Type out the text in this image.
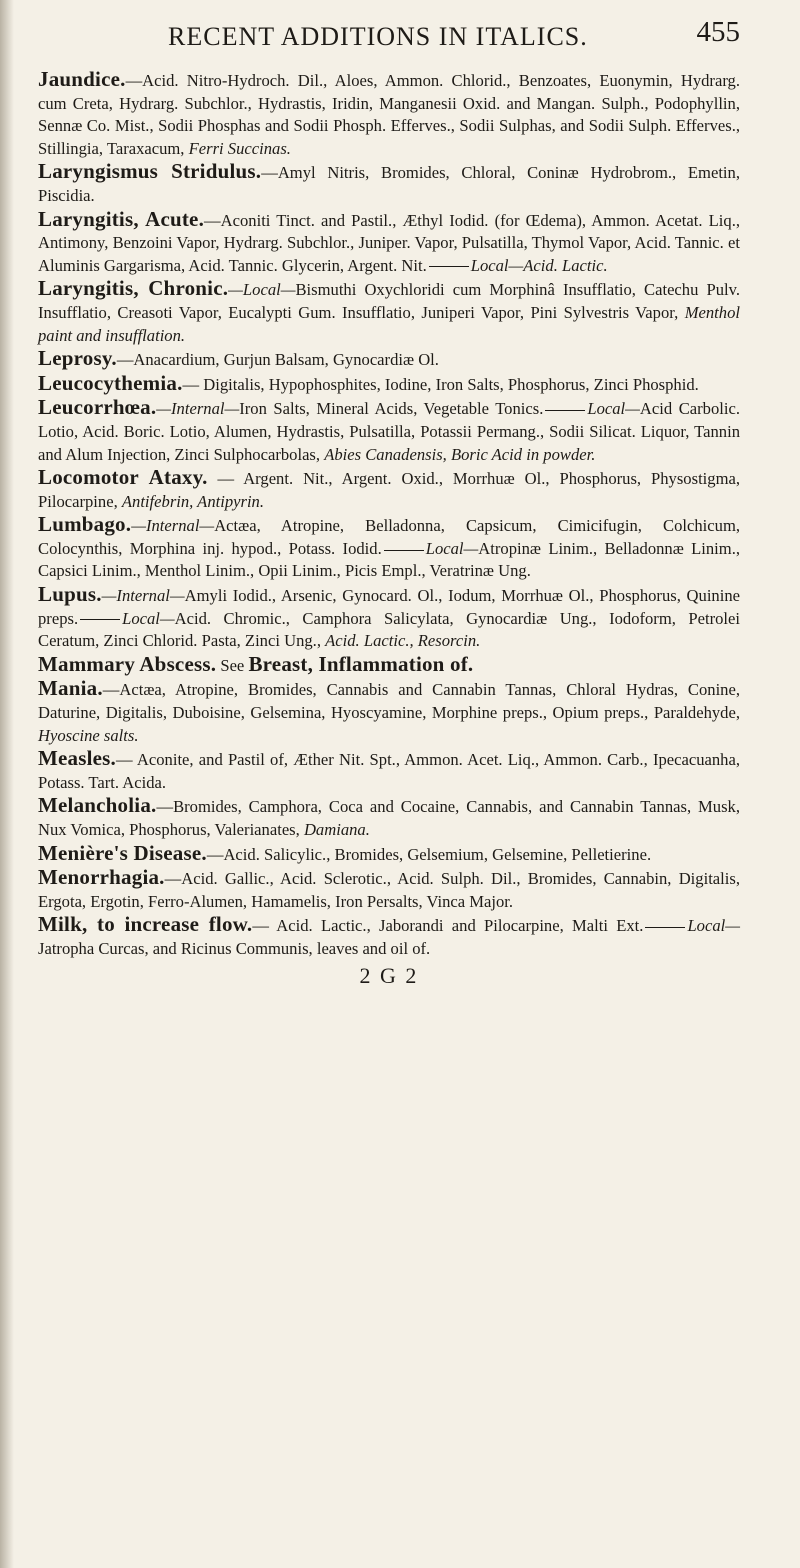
RECENT ADDITIONS IN ITALICS.	455

Jaundice.—Acid. Nitro-Hydroch. Dil., Aloes, Ammon. Chlorid., Benzoates, Euonymin, Hydrarg. cum Creta, Hydrarg. Subchlor., Hydrastis, Iridin, Manganesii Oxid. and Mangan. Sulph., Podophyllin, Sennæ Co. Mist., Sodii Phosphas and Sodii Phosph. Efferves., Sodii Sulphas, and Sodii Sulph. Efferves., Stillingia, Taraxacum, Ferri Succinas.

Laryngismus Stridulus.—Amyl Nitris, Bromides, Chloral, Coninæ Hydrobrom., Emetin, Piscidia.

Laryngitis, Acute.—Aconiti Tinct. and Pastil., Æthyl Iodid. (for Œdema), Ammon. Acetat. Liq., Antimony, Benzoini Vapor, Hydrarg. Subchlor., Juniper. Vapor, Pulsatilla, Thymol Vapor, Acid. Tannic. et Aluminis Gargarisma, Acid. Tannic. Glycerin, Argent. Nit.	Local—Acid. Lactic.

Laryngitis, Chronic.—Local—Bismuthi Oxychloridi cum Morphinâ Insufflatio, Catechu Pulv. Insufflatio, Creasoti Vapor, Eucalypti Gum. Insufflatio, Juniperi Vapor, Pini Sylvestris Vapor, Menthol paint and insufflation.

Leprosy.—Anacardium, Gurjun Balsam, Gynocardiæ Ol.

Leucocythemia.— Digitalis, Hypophosphites, Iodine, Iron Salts, Phosphorus, Zinci Phosphid.

Leucorrhœa.—Internal—Iron Salts, Mineral Acids, Vegetable Tonics.	Local—Acid Carbolic. Lotio, Acid. Boric. Lotio, Alumen, Hydrastis, Pulsatilla, Potassii Permang., Sodii Silicat. Liquor, Tannin and Alum Injection, Zinci Sulphocarbolas, Abies Canadensis, Boric Acid in powder.

Locomotor Ataxy. — Argent. Nit., Argent. Oxid., Morrhuæ Ol., Phosphorus, Physostigma, Pilocarpine, Antifebrin, Antipyrin.

Lumbago.—Internal—Actæa, Atropine, Belladonna, Capsicum, Cimicifugin, Colchicum, Colocynthis, Morphina inj. hypod., Potass. Iodid.	Local—Atropinæ Linim., Belladonnæ Linim., Capsici Linim., Menthol Linim., Opii Linim., Picis Empl., Veratrinæ Ung.

Lupus.—Internal—Amyli Iodid., Arsenic, Gynocard. Ol., Iodum, Morrhuæ Ol., Phosphorus, Quinine preps.	Local—Acid. Chromic., Camphora Salicylata, Gynocardiæ Ung., Iodoform, Petrolei Ceratum, Zinci Chlorid. Pasta, Zinci Ung., Acid. Lactic., Resorcin.

Mammary Abscess. See Breast, Inflammation of.

Mania.—Actæa, Atropine, Bromides, Cannabis and Cannabin Tannas, Chloral Hydras, Conine, Daturine, Digitalis, Duboisine, Gelsemina, Hyoscyamine, Morphine preps., Opium preps., Paraldehyde, Hyoscine salts.

Measles.— Aconite, and Pastil of, Æther Nit. Spt., Ammon. Acet. Liq., Ammon. Carb., Ipecacuanha, Potass. Tart. Acida.

Melancholia.—Bromides, Camphora, Coca and Cocaine, Cannabis, and Cannabin Tannas, Musk, Nux Vomica, Phosphorus, Valerianates, Damiana.

Menière's Disease.—Acid. Salicylic., Bromides, Gelsemium, Gelsemine, Pelletierine.

Menorrhagia.—Acid. Gallic., Acid. Sclerotic., Acid. Sulph. Dil., Bromides, Cannabin, Digitalis, Ergota, Ergotin, Ferro-Alumen, Hamamelis, Iron Persalts, Vinca Major.

Milk, to increase flow.— Acid. Lactic., Jaborandi and Pilocarpine, Malti Ext.	Local—Jatropha Curcas, and Ricinus Communis, leaves and oil of.

2 G 2
